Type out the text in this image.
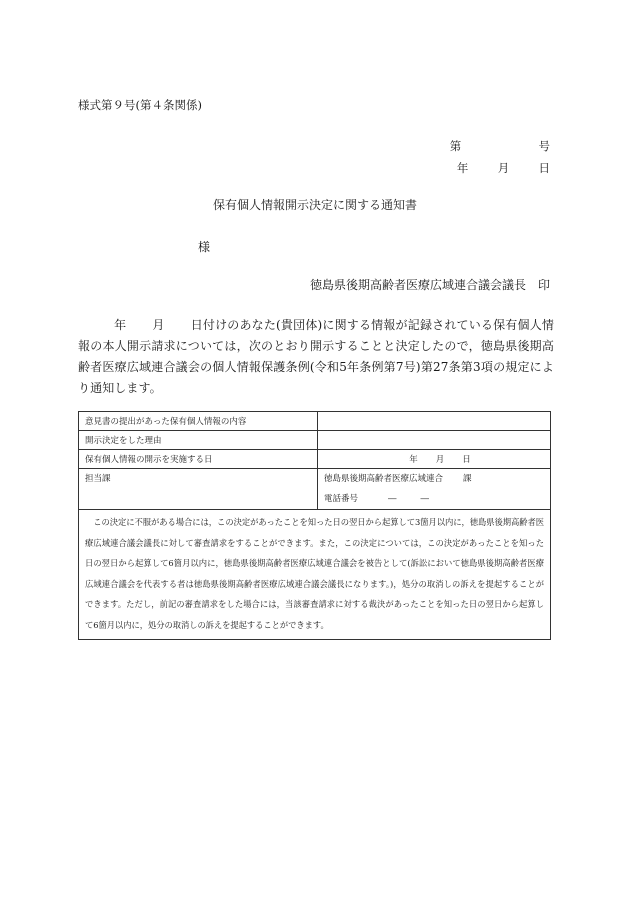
様式第９号(第４条関係)
第	号
年	月	日
保有個人情報開示決定に関する通知書
様
徳島県後期高齢者医療広域連合議会議長 印
年 月 日付けのあなた(貴団体)に関する情報が記録されている保有個人情報の本人開示請求については，次のとおり開示することと決定したので，徳島県後期高齢者医療広域連合議会の個人情報保護条例(令和5年条例第7号)第27条第3項の規定により通知します。
意見書の提出があった保有個人情報の内容	
開示決定をした理由	
保有個人情報の開示を実施する日	年 月 日
担当課	徳島県後期高齢者医療広域連合 課
電話番号 ― ―

この決定に不服がある場合には，この決定があったことを知った日の翌日から起算して3箇月以内に，徳島県後期高齢者医療広域連合議会議長に対して審査請求をすることができます。また，この決定については，この決定があったことを知った日の翌日から起算して6箇月以内に，徳島県後期高齢者医療広域連合議会を被告として(訴訟において徳島県後期高齢者医療広域連合議会を代表する者は徳島県後期高齢者医療広域連合議会議長になります。)，処分の取消しの訴えを提起することができます。ただし，前記の審査請求をした場合には，当該審査請求に対する裁決があったことを知った日の翌日から起算して6箇月以内に，処分の取消しの訴えを提起することができます。	
